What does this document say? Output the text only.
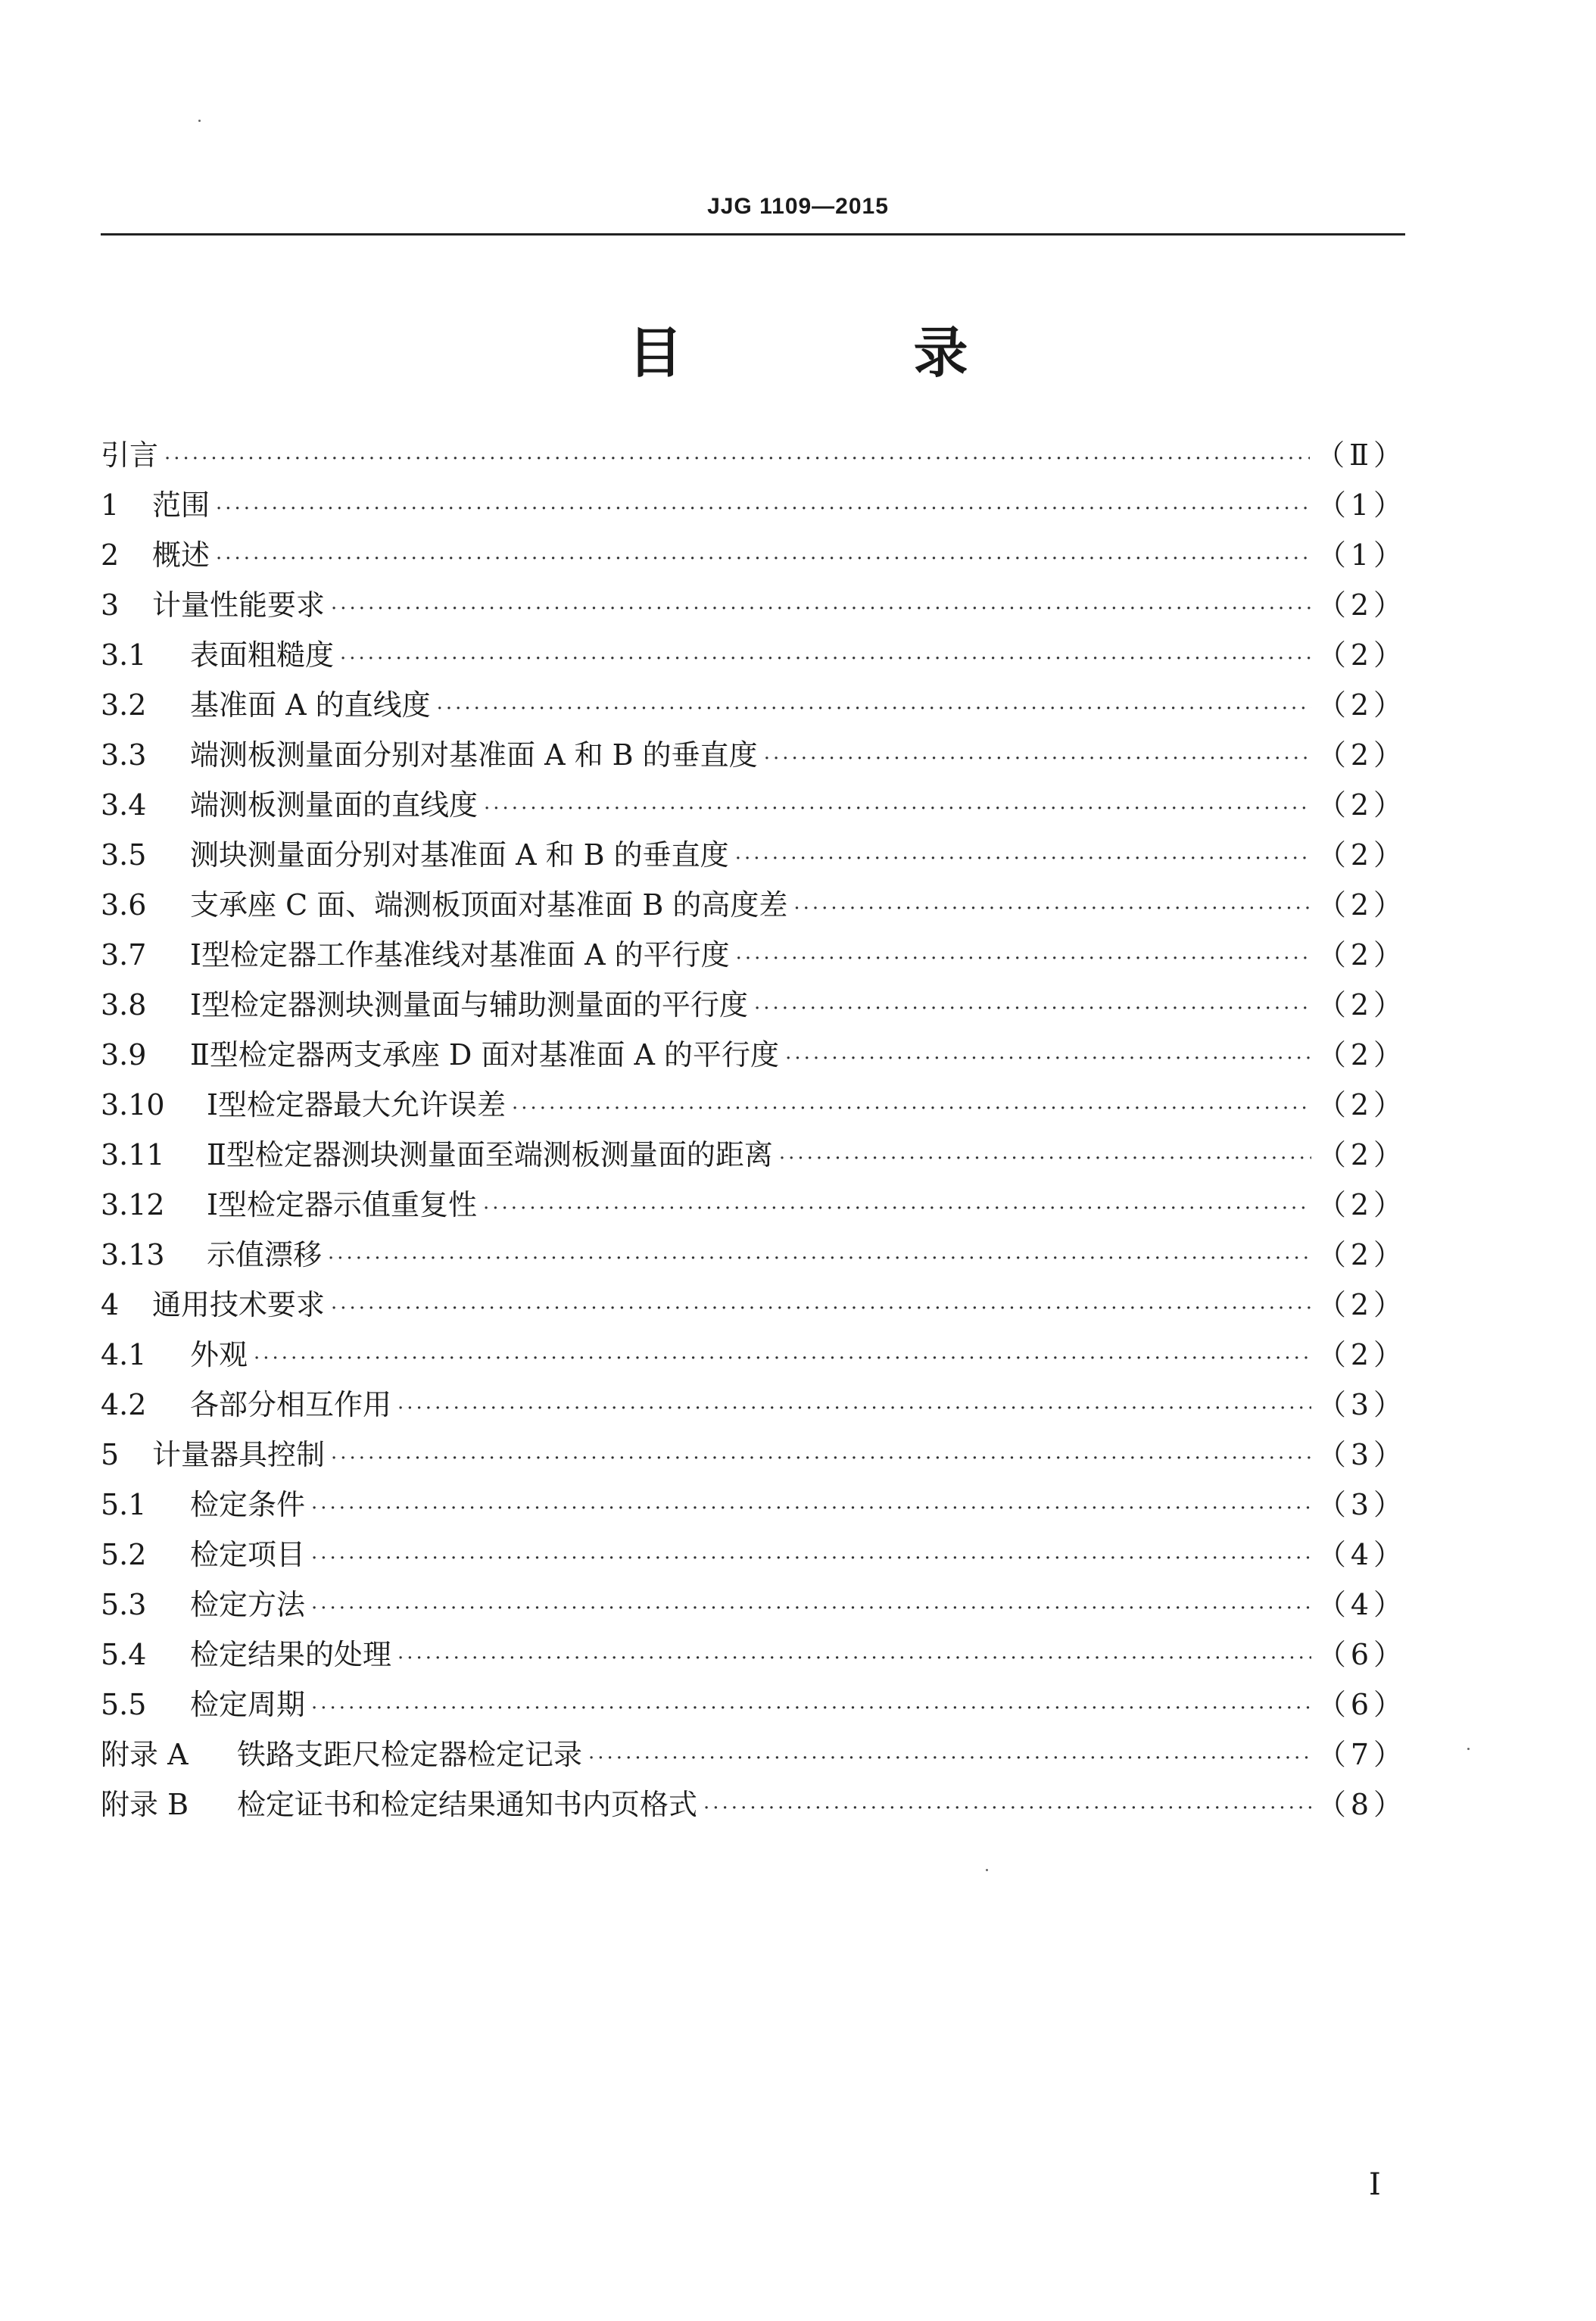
JJG 1109—2015
目 录
引言 ·····	（Ⅱ）
1	范围 ·····	（1）
2	概述 ·····	（1）
3	计量性能要求 ·····	（2）
3.1	表面粗糙度 ·····	（2）
3.2	基准面 A 的直线度 ·····	（2）
3.3	端测板测量面分别对基准面 A 和 B 的垂直度 ·····	（2）
3.4	端测板测量面的直线度 ·····	（2）
3.5	测块测量面分别对基准面 A 和 B 的垂直度 ·····	（2）
3.6	支承座 C 面、端测板顶面对基准面 B 的高度差 ·····	（2）
3.7	Ⅰ型检定器工作基准线对基准面 A 的平行度 ·····	（2）
3.8	Ⅰ型检定器测块测量面与辅助测量面的平行度 ·····	（2）
3.9	Ⅱ型检定器两支承座 D 面对基准面 A 的平行度 ·····	（2）
3.10	Ⅰ型检定器最大允许误差 ·····	（2）
3.11	Ⅱ型检定器测块测量面至端测板测量面的距离 ·····	（2）
3.12	Ⅰ型检定器示值重复性 ·····	（2）
3.13	示值漂移 ·····	（2）
4	通用技术要求 ·····	（2）
4.1	外观 ·····	（2）
4.2	各部分相互作用 ·····	（3）
5	计量器具控制 ·····	（3）
5.1	检定条件 ·····	（3）
5.2	检定项目 ·····	（4）
5.3	检定方法 ·····	（4）
5.4	检定结果的处理 ·····	（6）
5.5	检定周期 ·····	（6）
附录 A	铁路支距尺检定器检定记录 ·····	（7）
附录 B	检定证书和检定结果通知书内页格式 ·····	（8）
Ⅰ
